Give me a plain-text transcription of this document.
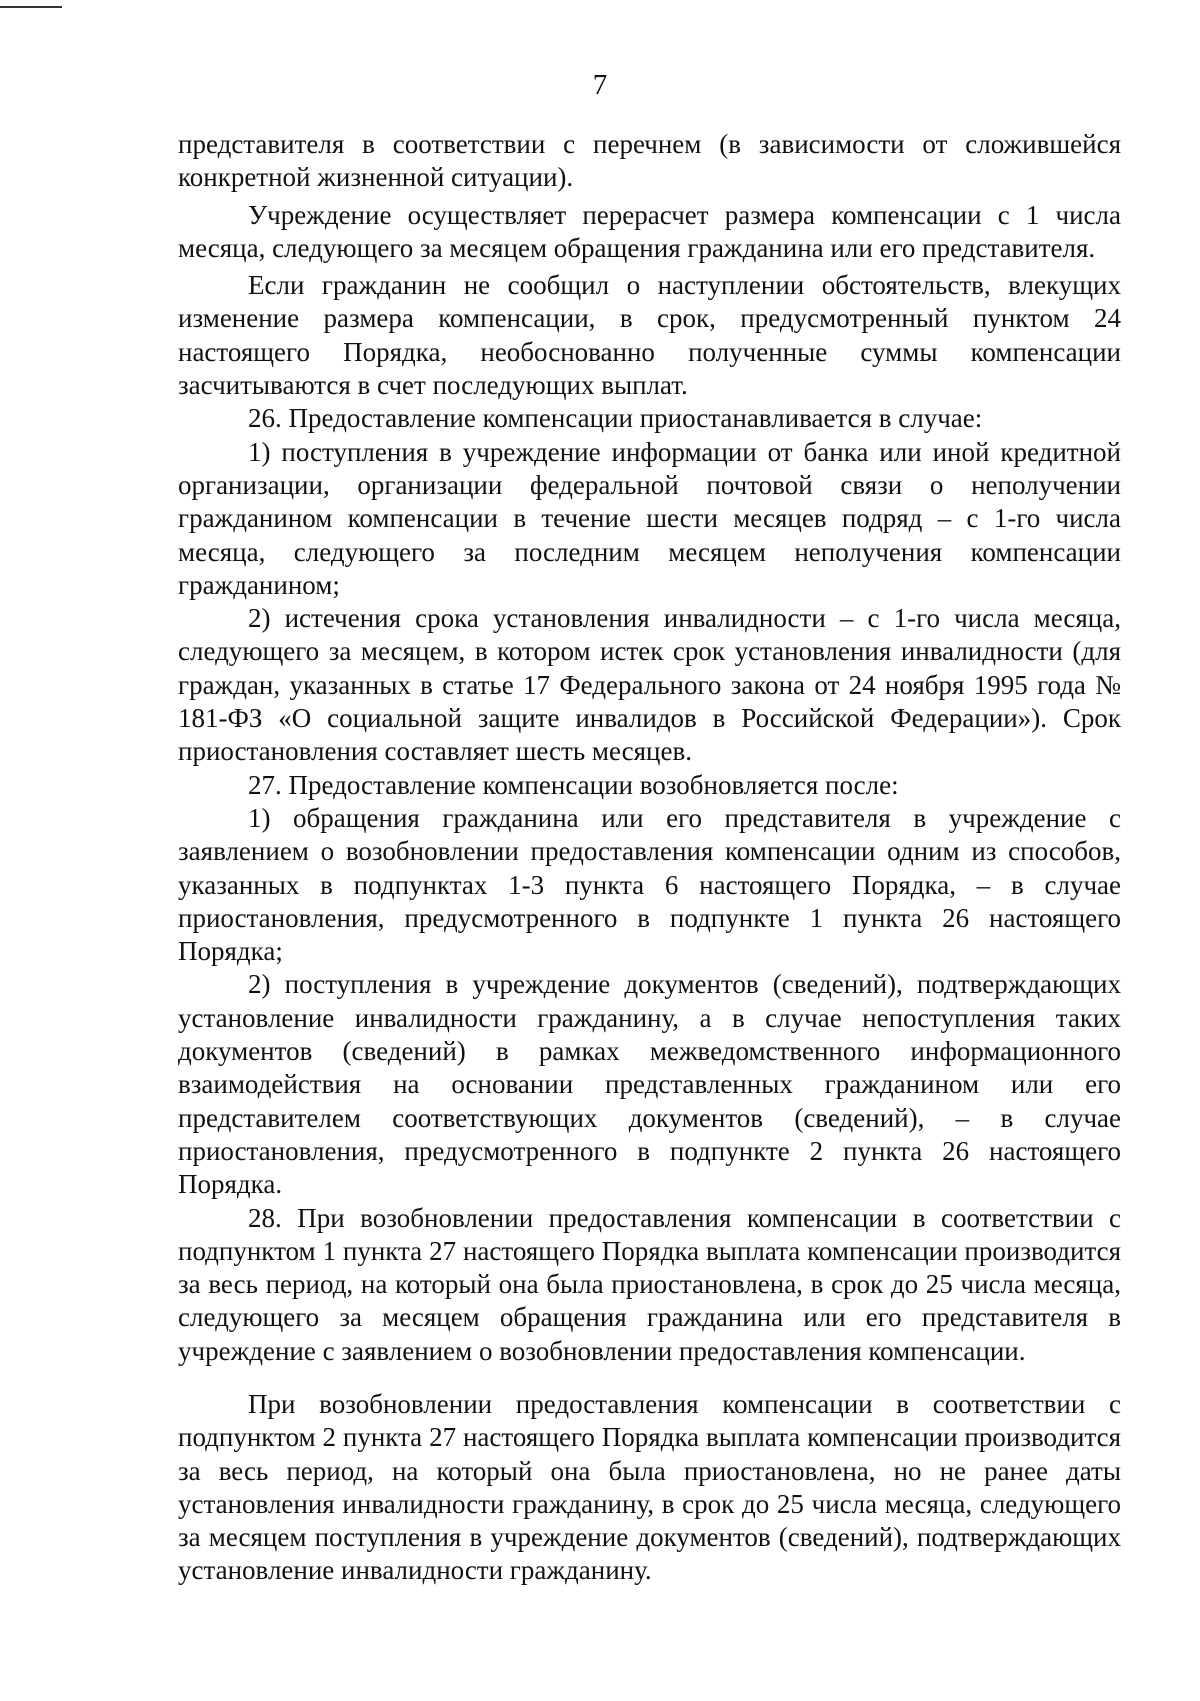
7

представителя в соответствии с перечнем (в зависимости от сложившейся конкретной жизненной ситуации).

Учреждение осуществляет перерасчет размера компенсации с 1 числа месяца, следующего за месяцем обращения гражданина или его представителя.

Если гражданин не сообщил о наступлении обстоятельств, влекущих изменение размера компенсации, в срок, предусмотренный пунктом 24 настоящего Порядка, необоснованно полученные суммы компенсации засчитываются в счет последующих выплат.

26. Предоставление компенсации приостанавливается в случае:

1) поступления в учреждение информации от банка или иной кредитной организации, организации федеральной почтовой связи о неполучении гражданином компенсации в течение шести месяцев подряд – с 1-го числа месяца, следующего за последним месяцем неполучения компенсации гражданином;

2) истечения срока установления инвалидности – с 1-го числа месяца, следующего за месяцем, в котором истек срок установления инвалидности (для граждан, указанных в статье 17 Федерального закона от 24 ноября 1995 года № 181-ФЗ «О социальной защите инвалидов в Российской Федерации»). Срок приостановления составляет шесть месяцев.

27. Предоставление компенсации возобновляется после:

1) обращения гражданина или его представителя в учреждение с заявлением о возобновлении предоставления компенсации одним из способов, указанных в подпунктах 1-3 пункта 6 настоящего Порядка, – в случае приостановления, предусмотренного в подпункте 1 пункта 26 настоящего Порядка;

2) поступления в учреждение документов (сведений), подтверждающих установление инвалидности гражданину, а в случае непоступления таких документов (сведений) в рамках межведомственного информационного взаимодействия на основании представленных гражданином или его представителем соответствующих документов (сведений), – в случае приостановления, предусмотренного в подпункте 2 пункта 26 настоящего Порядка.

28. При возобновлении предоставления компенсации в соответствии с подпунктом 1 пункта 27 настоящего Порядка выплата компенсации производится за весь период, на который она была приостановлена, в срок до 25 числа месяца, следующего за месяцем обращения гражданина или его представителя в учреждение с заявлением о возобновлении предоставления компенсации.

При возобновлении предоставления компенсации в соответствии с подпунктом 2 пункта 27 настоящего Порядка выплата компенсации производится за весь период, на который она была приостановлена, но не ранее даты установления инвалидности гражданину, в срок до 25 числа месяца, следующего за месяцем поступления в учреждение документов (сведений), подтверждающих установление инвалидности гражданину.
